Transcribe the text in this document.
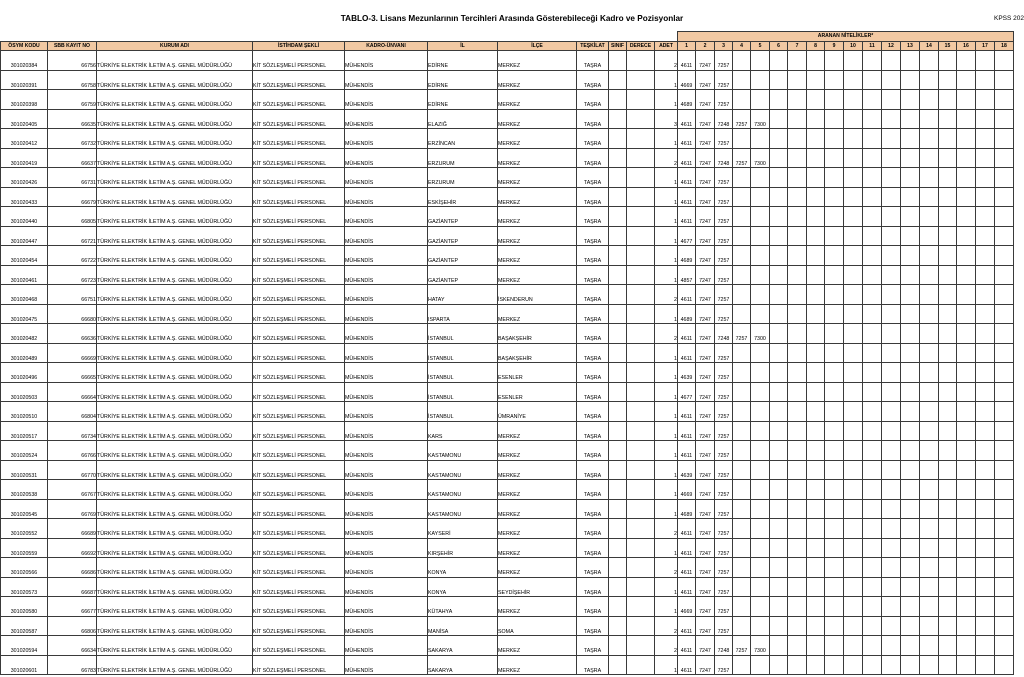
TABLO-3. Lisans Mezunlarının Tercihleri Arasında Gösterebileceği Kadro ve Pozisyonlar	KPSS 202
											ARANAN NİTELİKLER*																	
ÖSYM KODU	SBB KAYIT NO	KURUM ADI	İSTİHDAM ŞEKLİ	KADRO-ÜNVANI	İL	İLÇE	TEŞKİLAT	SINIF	DERECE	ADET	1	2	3	4	5	6	7	8	9	10	11	12	13	14	15	16	17	18
301020384	66756	TÜRKİYE ELEKTRİK İLETİM A.Ş. GENEL MÜDÜRLÜĞÜ	KİT SÖZLEŞMELİ PERSONEL	MÜHENDİS	EDİRNE	MERKEZ	TAŞRA			2	4611	7247	7257															
301020391	66758	TÜRKİYE ELEKTRİK İLETİM A.Ş. GENEL MÜDÜRLÜĞÜ	KİT SÖZLEŞMELİ PERSONEL	MÜHENDİS	EDİRNE	MERKEZ	TAŞRA			1	4669	7247	7257															
301020398	66759	TÜRKİYE ELEKTRİK İLETİM A.Ş. GENEL MÜDÜRLÜĞÜ	KİT SÖZLEŞMELİ PERSONEL	MÜHENDİS	EDİRNE	MERKEZ	TAŞRA			1	4689	7247	7257															
301020405	66635	TÜRKİYE ELEKTRİK İLETİM A.Ş. GENEL MÜDÜRLÜĞÜ	KİT SÖZLEŞMELİ PERSONEL	MÜHENDİS	ELAZIĞ	MERKEZ	TAŞRA			3	4611	7247	7248	7257	7300													
301020412	66732	TÜRKİYE ELEKTRİK İLETİM A.Ş. GENEL MÜDÜRLÜĞÜ	KİT SÖZLEŞMELİ PERSONEL	MÜHENDİS	ERZİNCAN	MERKEZ	TAŞRA			1	4611	7247	7257															
301020419	66637	TÜRKİYE ELEKTRİK İLETİM A.Ş. GENEL MÜDÜRLÜĞÜ	KİT SÖZLEŞMELİ PERSONEL	MÜHENDİS	ERZURUM	MERKEZ	TAŞRA			2	4611	7247	7248	7257	7300													
301020426	66731	TÜRKİYE ELEKTRİK İLETİM A.Ş. GENEL MÜDÜRLÜĞÜ	KİT SÖZLEŞMELİ PERSONEL	MÜHENDİS	ERZURUM	MERKEZ	TAŞRA			1	4611	7247	7257															
301020433	66679	TÜRKİYE ELEKTRİK İLETİM A.Ş. GENEL MÜDÜRLÜĞÜ	KİT SÖZLEŞMELİ PERSONEL	MÜHENDİS	ESKİŞEHİR	MERKEZ	TAŞRA			1	4611	7247	7257															
301020440	66805	TÜRKİYE ELEKTRİK İLETİM A.Ş. GENEL MÜDÜRLÜĞÜ	KİT SÖZLEŞMELİ PERSONEL	MÜHENDİS	GAZİANTEP	MERKEZ	TAŞRA			1	4611	7247	7257															
301020447	66721	TÜRKİYE ELEKTRİK İLETİM A.Ş. GENEL MÜDÜRLÜĞÜ	KİT SÖZLEŞMELİ PERSONEL	MÜHENDİS	GAZİANTEP	MERKEZ	TAŞRA			1	4677	7247	7257															
301020454	66722	TÜRKİYE ELEKTRİK İLETİM A.Ş. GENEL MÜDÜRLÜĞÜ	KİT SÖZLEŞMELİ PERSONEL	MÜHENDİS	GAZİANTEP	MERKEZ	TAŞRA			1	4689	7247	7257															
301020461	66723	TÜRKİYE ELEKTRİK İLETİM A.Ş. GENEL MÜDÜRLÜĞÜ	KİT SÖZLEŞMELİ PERSONEL	MÜHENDİS	GAZİANTEP	MERKEZ	TAŞRA			1	4857	7247	7257															
301020468	66751	TÜRKİYE ELEKTRİK İLETİM A.Ş. GENEL MÜDÜRLÜĞÜ	KİT SÖZLEŞMELİ PERSONEL	MÜHENDİS	HATAY	İSKENDERUN	TAŞRA			2	4611	7247	7257															
301020475	66680	TÜRKİYE ELEKTRİK İLETİM A.Ş. GENEL MÜDÜRLÜĞÜ	KİT SÖZLEŞMELİ PERSONEL	MÜHENDİS	ISPARTA	MERKEZ	TAŞRA			1	4689	7247	7257															
301020482	66636	TÜRKİYE ELEKTRİK İLETİM A.Ş. GENEL MÜDÜRLÜĞÜ	KİT SÖZLEŞMELİ PERSONEL	MÜHENDİS	İSTANBUL	BAŞAKŞEHİR	TAŞRA			2	4611	7247	7248	7257	7300													
301020489	66669	TÜRKİYE ELEKTRİK İLETİM A.Ş. GENEL MÜDÜRLÜĞÜ	KİT SÖZLEŞMELİ PERSONEL	MÜHENDİS	İSTANBUL	BAŞAKŞEHİR	TAŞRA			1	4611	7247	7257															
301020496	66665	TÜRKİYE ELEKTRİK İLETİM A.Ş. GENEL MÜDÜRLÜĞÜ	KİT SÖZLEŞMELİ PERSONEL	MÜHENDİS	İSTANBUL	ESENLER	TAŞRA			1	4639	7247	7257															
301020503	66664	TÜRKİYE ELEKTRİK İLETİM A.Ş. GENEL MÜDÜRLÜĞÜ	KİT SÖZLEŞMELİ PERSONEL	MÜHENDİS	İSTANBUL	ESENLER	TAŞRA			1	4677	7247	7257															
301020510	66804	TÜRKİYE ELEKTRİK İLETİM A.Ş. GENEL MÜDÜRLÜĞÜ	KİT SÖZLEŞMELİ PERSONEL	MÜHENDİS	İSTANBUL	ÜMRANİYE	TAŞRA			1	4611	7247	7257															
301020517	66734	TÜRKİYE ELEKTRİK İLETİM A.Ş. GENEL MÜDÜRLÜĞÜ	KİT SÖZLEŞMELİ PERSONEL	MÜHENDİS	KARS	MERKEZ	TAŞRA			1	4611	7247	7257															
301020524	66766	TÜRKİYE ELEKTRİK İLETİM A.Ş. GENEL MÜDÜRLÜĞÜ	KİT SÖZLEŞMELİ PERSONEL	MÜHENDİS	KASTAMONU	MERKEZ	TAŞRA			1	4611	7247	7257															
301020531	66770	TÜRKİYE ELEKTRİK İLETİM A.Ş. GENEL MÜDÜRLÜĞÜ	KİT SÖZLEŞMELİ PERSONEL	MÜHENDİS	KASTAMONU	MERKEZ	TAŞRA			1	4639	7247	7257															
301020538	66767	TÜRKİYE ELEKTRİK İLETİM A.Ş. GENEL MÜDÜRLÜĞÜ	KİT SÖZLEŞMELİ PERSONEL	MÜHENDİS	KASTAMONU	MERKEZ	TAŞRA			1	4669	7247	7257															
301020545	66769	TÜRKİYE ELEKTRİK İLETİM A.Ş. GENEL MÜDÜRLÜĞÜ	KİT SÖZLEŞMELİ PERSONEL	MÜHENDİS	KASTAMONU	MERKEZ	TAŞRA			1	4689	7247	7257															
301020552	66689	TÜRKİYE ELEKTRİK İLETİM A.Ş. GENEL MÜDÜRLÜĞÜ	KİT SÖZLEŞMELİ PERSONEL	MÜHENDİS	KAYSERİ	MERKEZ	TAŞRA			2	4611	7247	7257															
301020559	66692	TÜRKİYE ELEKTRİK İLETİM A.Ş. GENEL MÜDÜRLÜĞÜ	KİT SÖZLEŞMELİ PERSONEL	MÜHENDİS	KIRŞEHİR	MERKEZ	TAŞRA			1	4611	7247	7257															
301020566	66686	TÜRKİYE ELEKTRİK İLETİM A.Ş. GENEL MÜDÜRLÜĞÜ	KİT SÖZLEŞMELİ PERSONEL	MÜHENDİS	KONYA	MERKEZ	TAŞRA			2	4611	7247	7257															
301020573	66687	TÜRKİYE ELEKTRİK İLETİM A.Ş. GENEL MÜDÜRLÜĞÜ	KİT SÖZLEŞMELİ PERSONEL	MÜHENDİS	KONYA	SEYDİŞEHİR	TAŞRA			1	4611	7247	7257															
301020580	66677	TÜRKİYE ELEKTRİK İLETİM A.Ş. GENEL MÜDÜRLÜĞÜ	KİT SÖZLEŞMELİ PERSONEL	MÜHENDİS	KÜTAHYA	MERKEZ	TAŞRA			1	4669	7247	7257															
301020587	66806	TÜRKİYE ELEKTRİK İLETİM A.Ş. GENEL MÜDÜRLÜĞÜ	KİT SÖZLEŞMELİ PERSONEL	MÜHENDİS	MANİSA	SOMA	TAŞRA			2	4611	7247	7257															
301020594	66634	TÜRKİYE ELEKTRİK İLETİM A.Ş. GENEL MÜDÜRLÜĞÜ	KİT SÖZLEŞMELİ PERSONEL	MÜHENDİS	SAKARYA	MERKEZ	TAŞRA			2	4611	7247	7248	7257	7300													
301020601	66783	TÜRKİYE ELEKTRİK İLETİM A.Ş. GENEL MÜDÜRLÜĞÜ	KİT SÖZLEŞMELİ PERSONEL	MÜHENDİS	SAKARYA	MERKEZ	TAŞRA			1	4611	7247	7257															
